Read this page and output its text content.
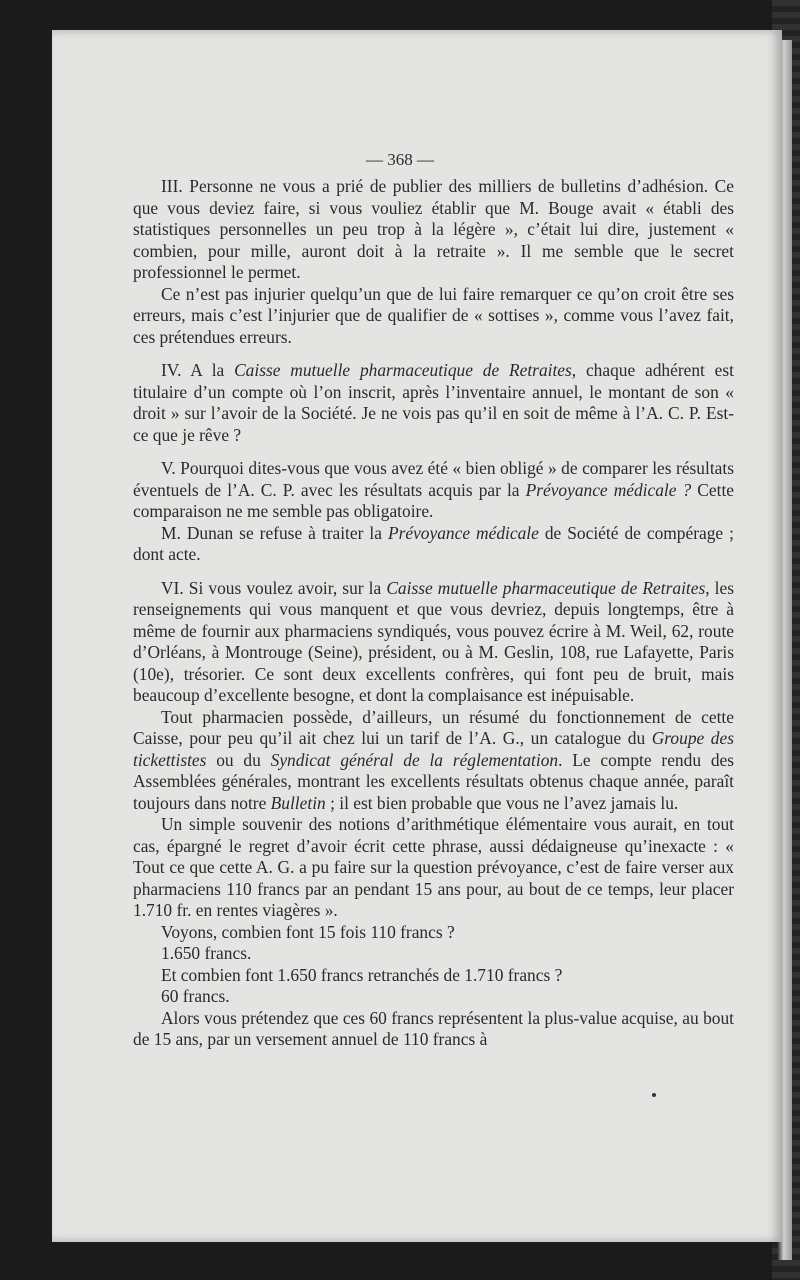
— 368 —

III. Personne ne vous a prié de publier des milliers de bulletins d’adhésion. Ce que vous deviez faire, si vous vouliez établir que M. Bouge avait « établi des statistiques personnelles un peu trop à la légère », c’était lui dire, justement « combien, pour mille, auront doit à la retraite ». Il me semble que le secret professionnel le permet.

Ce n’est pas injurier quelqu’un que de lui faire remarquer ce qu’on croit être ses erreurs, mais c’est l’injurier que de qualifier de « sottises », comme vous l’avez fait, ces prétendues erreurs.

IV. A la Caisse mutuelle pharmaceutique de Retraites, chaque adhérent est titulaire d’un compte où l’on inscrit, après l’inventaire annuel, le montant de son « droit » sur l’avoir de la Société. Je ne vois pas qu’il en soit de même à l’A. C. P. Est-ce que je rêve ?

V. Pourquoi dites-vous que vous avez été « bien obligé » de comparer les résultats éventuels de l’A. C. P. avec les résultats acquis par la Prévoyance médicale ? Cette comparaison ne me semble pas obligatoire.

M. Dunan se refuse à traiter la Prévoyance médicale de Société de compérage ; dont acte.

VI. Si vous voulez avoir, sur la Caisse mutuelle pharmaceutique de Retraites, les renseignements qui vous manquent et que vous devriez, depuis longtemps, être à même de fournir aux pharmaciens syndiqués, vous pouvez écrire à M. Weil, 62, route d’Orléans, à Montrouge (Seine), président, ou à M. Geslin, 108, rue Lafayette, Paris (10e), trésorier. Ce sont deux excellents confrères, qui font peu de bruit, mais beaucoup d’excellente besogne, et dont la complaisance est inépuisable.

Tout pharmacien possède, d’ailleurs, un résumé du fonctionnement de cette Caisse, pour peu qu’il ait chez lui un tarif de l’A. G., un catalogue du Groupe des tickettistes ou du Syndicat général de la réglementation. Le compte rendu des Assemblées générales, montrant les excellents résultats obtenus chaque année, paraît toujours dans notre Bulletin ; il est bien probable que vous ne l’avez jamais lu.

Un simple souvenir des notions d’arithmétique élémentaire vous aurait, en tout cas, épargné le regret d’avoir écrit cette phrase, aussi dédaigneuse qu’inexacte : « Tout ce que cette A. G. a pu faire sur la question prévoyance, c’est de faire verser aux pharmaciens 110 francs par an pendant 15 ans pour, au bout de ce temps, leur placer 1.710 fr. en rentes viagères ».

Voyons, combien font 15 fois 110 francs ?

1.650 francs.

Et combien font 1.650 francs retranchés de 1.710 francs ?

60 francs.

Alors vous prétendez que ces 60 francs représentent la plus-value acquise, au bout de 15 ans, par un versement annuel de 110 francs à
